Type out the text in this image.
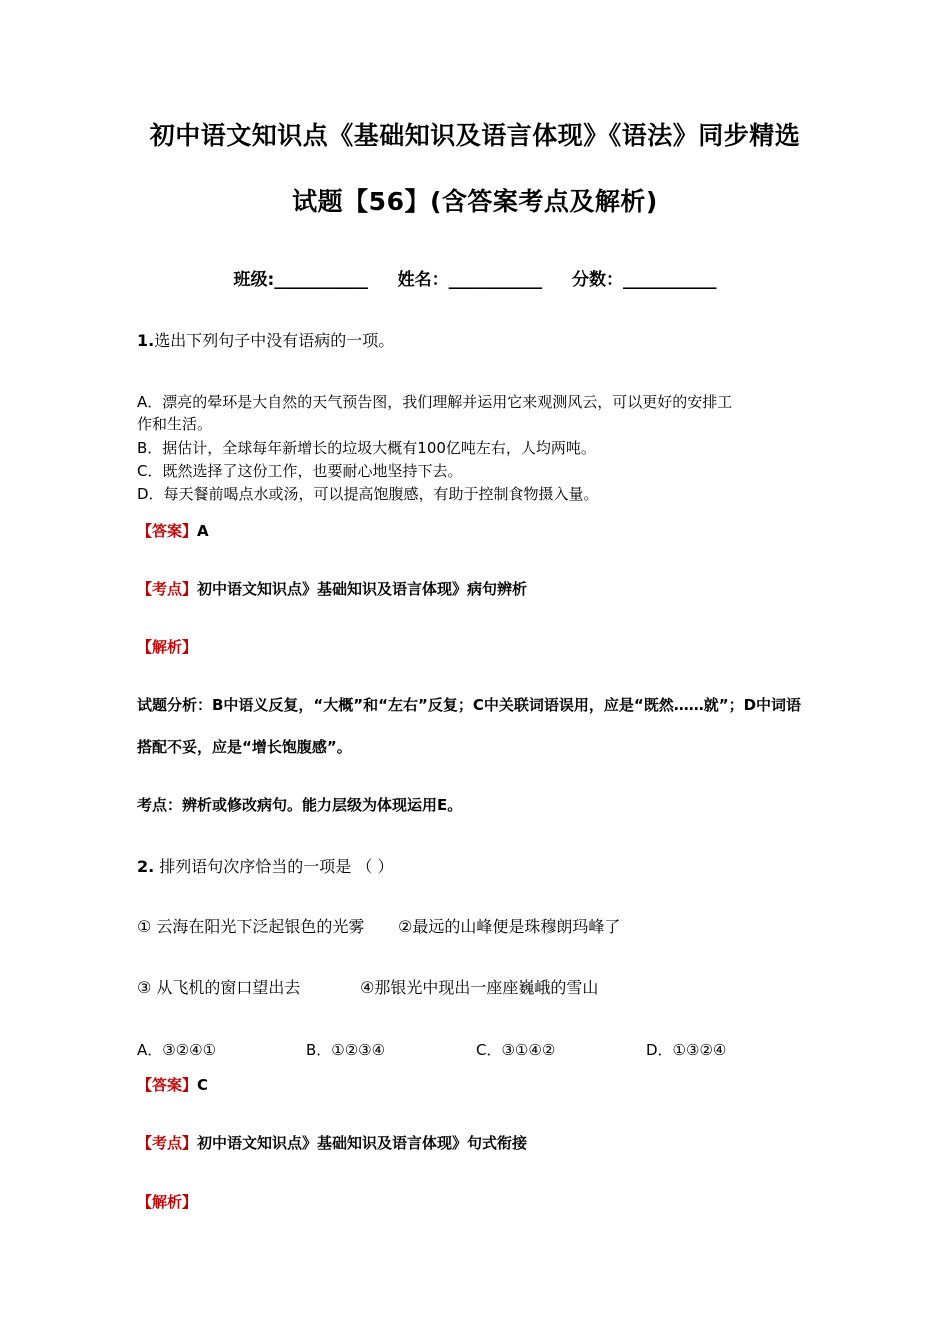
初中语文知识点《基础知识及语言体现》《语法》同步精选
试题【56】(含答案考点及解析)
班级:___________ 姓名：___________ 分数：___________
1.选出下列句子中没有语病的一项。
A．漂亮的晕环是大自然的天气预告图，我们理解并运用它来观测风云，可以更好的安排工
作和生活。
B．据估计，全球每年新增长的垃圾大概有100亿吨左右，人均两吨。
C．既然选择了这份工作，也要耐心地坚持下去。
D．每天餐前喝点水或汤，可以提高饱腹感，有助于控制食物摄入量。
【答案】A
【考点】初中语文知识点》基础知识及语言体现》病句辨析
【解析】
试题分析：B中语义反复，“大概”和“左右”反复；C中关联词语误用，应是“既然……就”；D中词语
搭配不妥，应是“增长饱腹感”。
考点：辨析或修改病句。能力层级为体现运用E。
2. 排列语句次序恰当的一项是 （ ）
① 云海在阳光下泛起银色的光雾 ②最远的山峰便是珠穆朗玛峰了
③ 从飞机的窗口望出去	④那银光中现出一座座巍峨的雪山
A．③②④①	B．①②③④	C．③①④②	D．①③②④
【答案】C
【考点】初中语文知识点》基础知识及语言体现》句式衔接
【解析】
